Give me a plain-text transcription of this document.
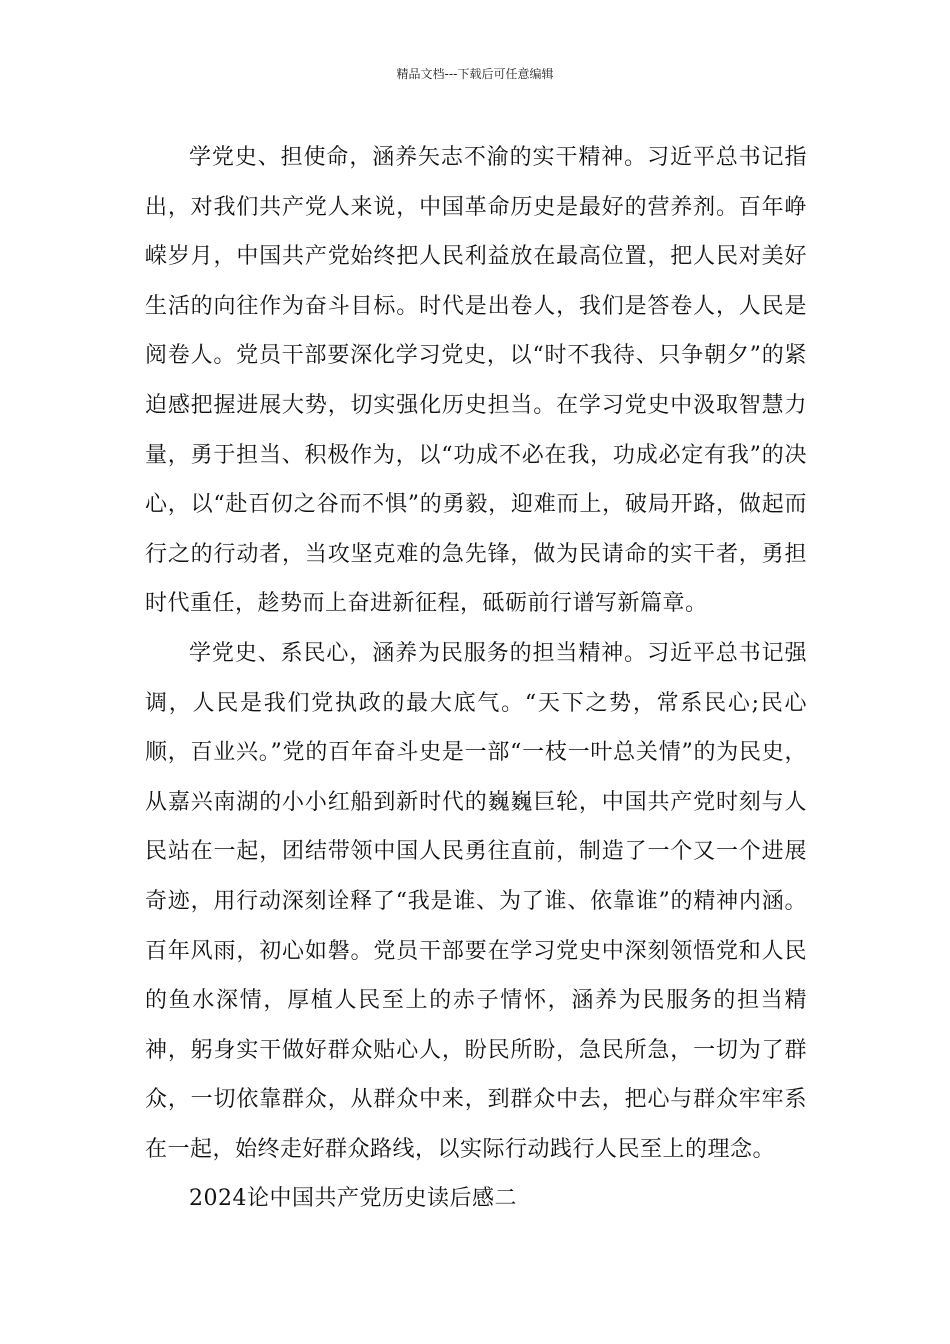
精品文档---下载后可任意编辑

学党史、担使命，涵养矢志不渝的实干精神。习近平总书记指出，对我们共产党人来说，中国革命历史是最好的营养剂。百年峥嵘岁月，中国共产党始终把人民利益放在最高位置，把人民对美好生活的向往作为奋斗目标。时代是出卷人，我们是答卷人，人民是阅卷人。党员干部要深化学习党史，以“时不我待、只争朝夕”的紧迫感把握进展大势，切实强化历史担当。在学习党史中汲取智慧力量，勇于担当、积极作为，以“功成不必在我，功成必定有我”的决心，以“赴百仞之谷而不惧”的勇毅，迎难而上，破局开路，做起而行之的行动者，当攻坚克难的急先锋，做为民请命的实干者，勇担时代重任，趁势而上奋进新征程，砥砺前行谱写新篇章。

学党史、系民心，涵养为民服务的担当精神。习近平总书记强调，人民是我们党执政的最大底气。“天下之势，常系民心;民心顺，百业兴。”党的百年奋斗史是一部“一枝一叶总关情”的为民史，从嘉兴南湖的小小红船到新时代的巍巍巨轮，中国共产党时刻与人民站在一起，团结带领中国人民勇往直前，制造了一个又一个进展奇迹，用行动深刻诠释了“我是谁、为了谁、依靠谁”的精神内涵。百年风雨，初心如磐。党员干部要在学习党史中深刻领悟党和人民的鱼水深情，厚植人民至上的赤子情怀，涵养为民服务的担当精神，躬身实干做好群众贴心人，盼民所盼，急民所急，一切为了群众，一切依靠群众，从群众中来，到群众中去，把心与群众牢牢系在一起，始终走好群众路线，以实际行动践行人民至上的理念。

2024论中国共产党历史读后感二
